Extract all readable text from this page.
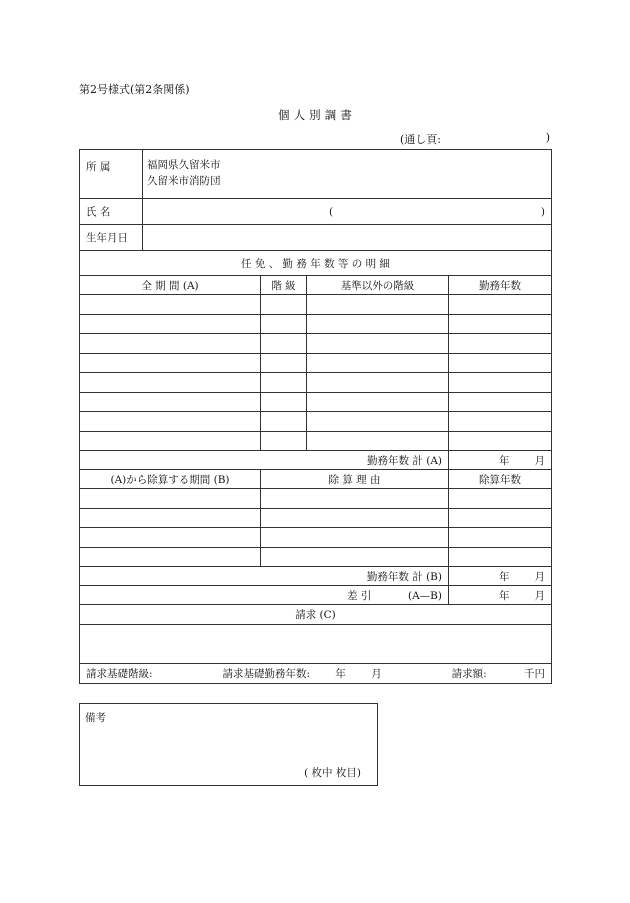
第2号様式(第2条関係)
個 人 別 調 書
(通し頁:	)
所 属	福岡県久留米市
久留米市消防団			

氏 名	( )			

生年月日				
任 免 、 勤 務 年 数 等 の 明 細				
全 期 間 (A)		階 級	基準以外の階級	勤務年数

勤務年数 計 (A)				年 月

(A)から除算する期間 (B)		除 算 理 由		除算年数

勤務年数 計 (B)				年 月

差 引 (A—B)				年 月

請求 (C)				

請求基礎階級: 請求基礎勤務年数: 年 月 請求額: 千円				
備考
( 枚中 枚目)
